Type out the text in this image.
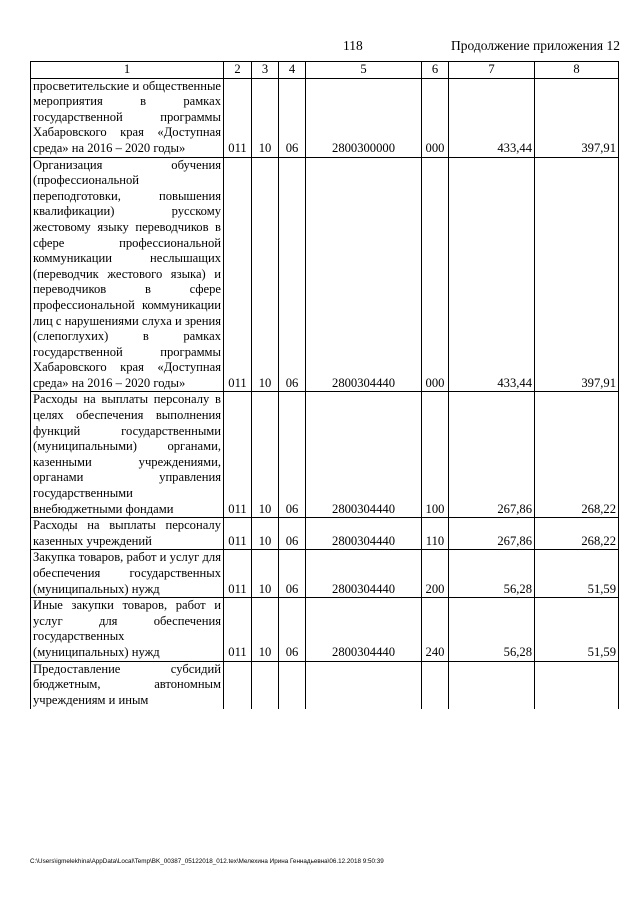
118	Продолжение приложения 12
1	2	3	4	5	6	7	8
просветительские и общественные мероприятия в рамках государственной программы Хабаровского края «Доступная среда» на 2016 – 2020 годы»	011	10	06	2800300000	000	433,44	397,91
Организация обучения (профессиональной переподготовки, повышения квалификации) русскому жестовому языку переводчиков в сфере профессиональной коммуникации неслышащих (переводчик жестового языка) и переводчиков в сфере профессиональной коммуникации лиц с нарушениями слуха и зрения (слепоглухих) в рамках государственной программы Хабаровского края «Доступная среда» на 2016 – 2020 годы»	011	10	06	2800304440	000	433,44	397,91
Расходы на выплаты персоналу в целях обеспечения выполнения функций государственными (муниципальными) органами, казенными учреждениями, органами управления государственными внебюджетными фондами	011	10	06	2800304440	100	267,86	268,22
Расходы на выплаты персоналу казенных учреждений	011	10	06	2800304440	110	267,86	268,22
Закупка товаров, работ и услуг для обеспечения государственных (муниципальных) нужд	011	10	06	2800304440	200	56,28	51,59
Иные закупки товаров, работ и услуг для обеспечения государственных (муниципальных) нужд	011	10	06	2800304440	240	56,28	51,59
Предоставление субсидий бюджетным, автономным учреждениям и иным							
C:\Users\igmelekhina\AppData\Local\Temp\BK_00387_05122018_012.tex\Мелехина Ирина Геннадьевна\06.12.2018 9:50:39
